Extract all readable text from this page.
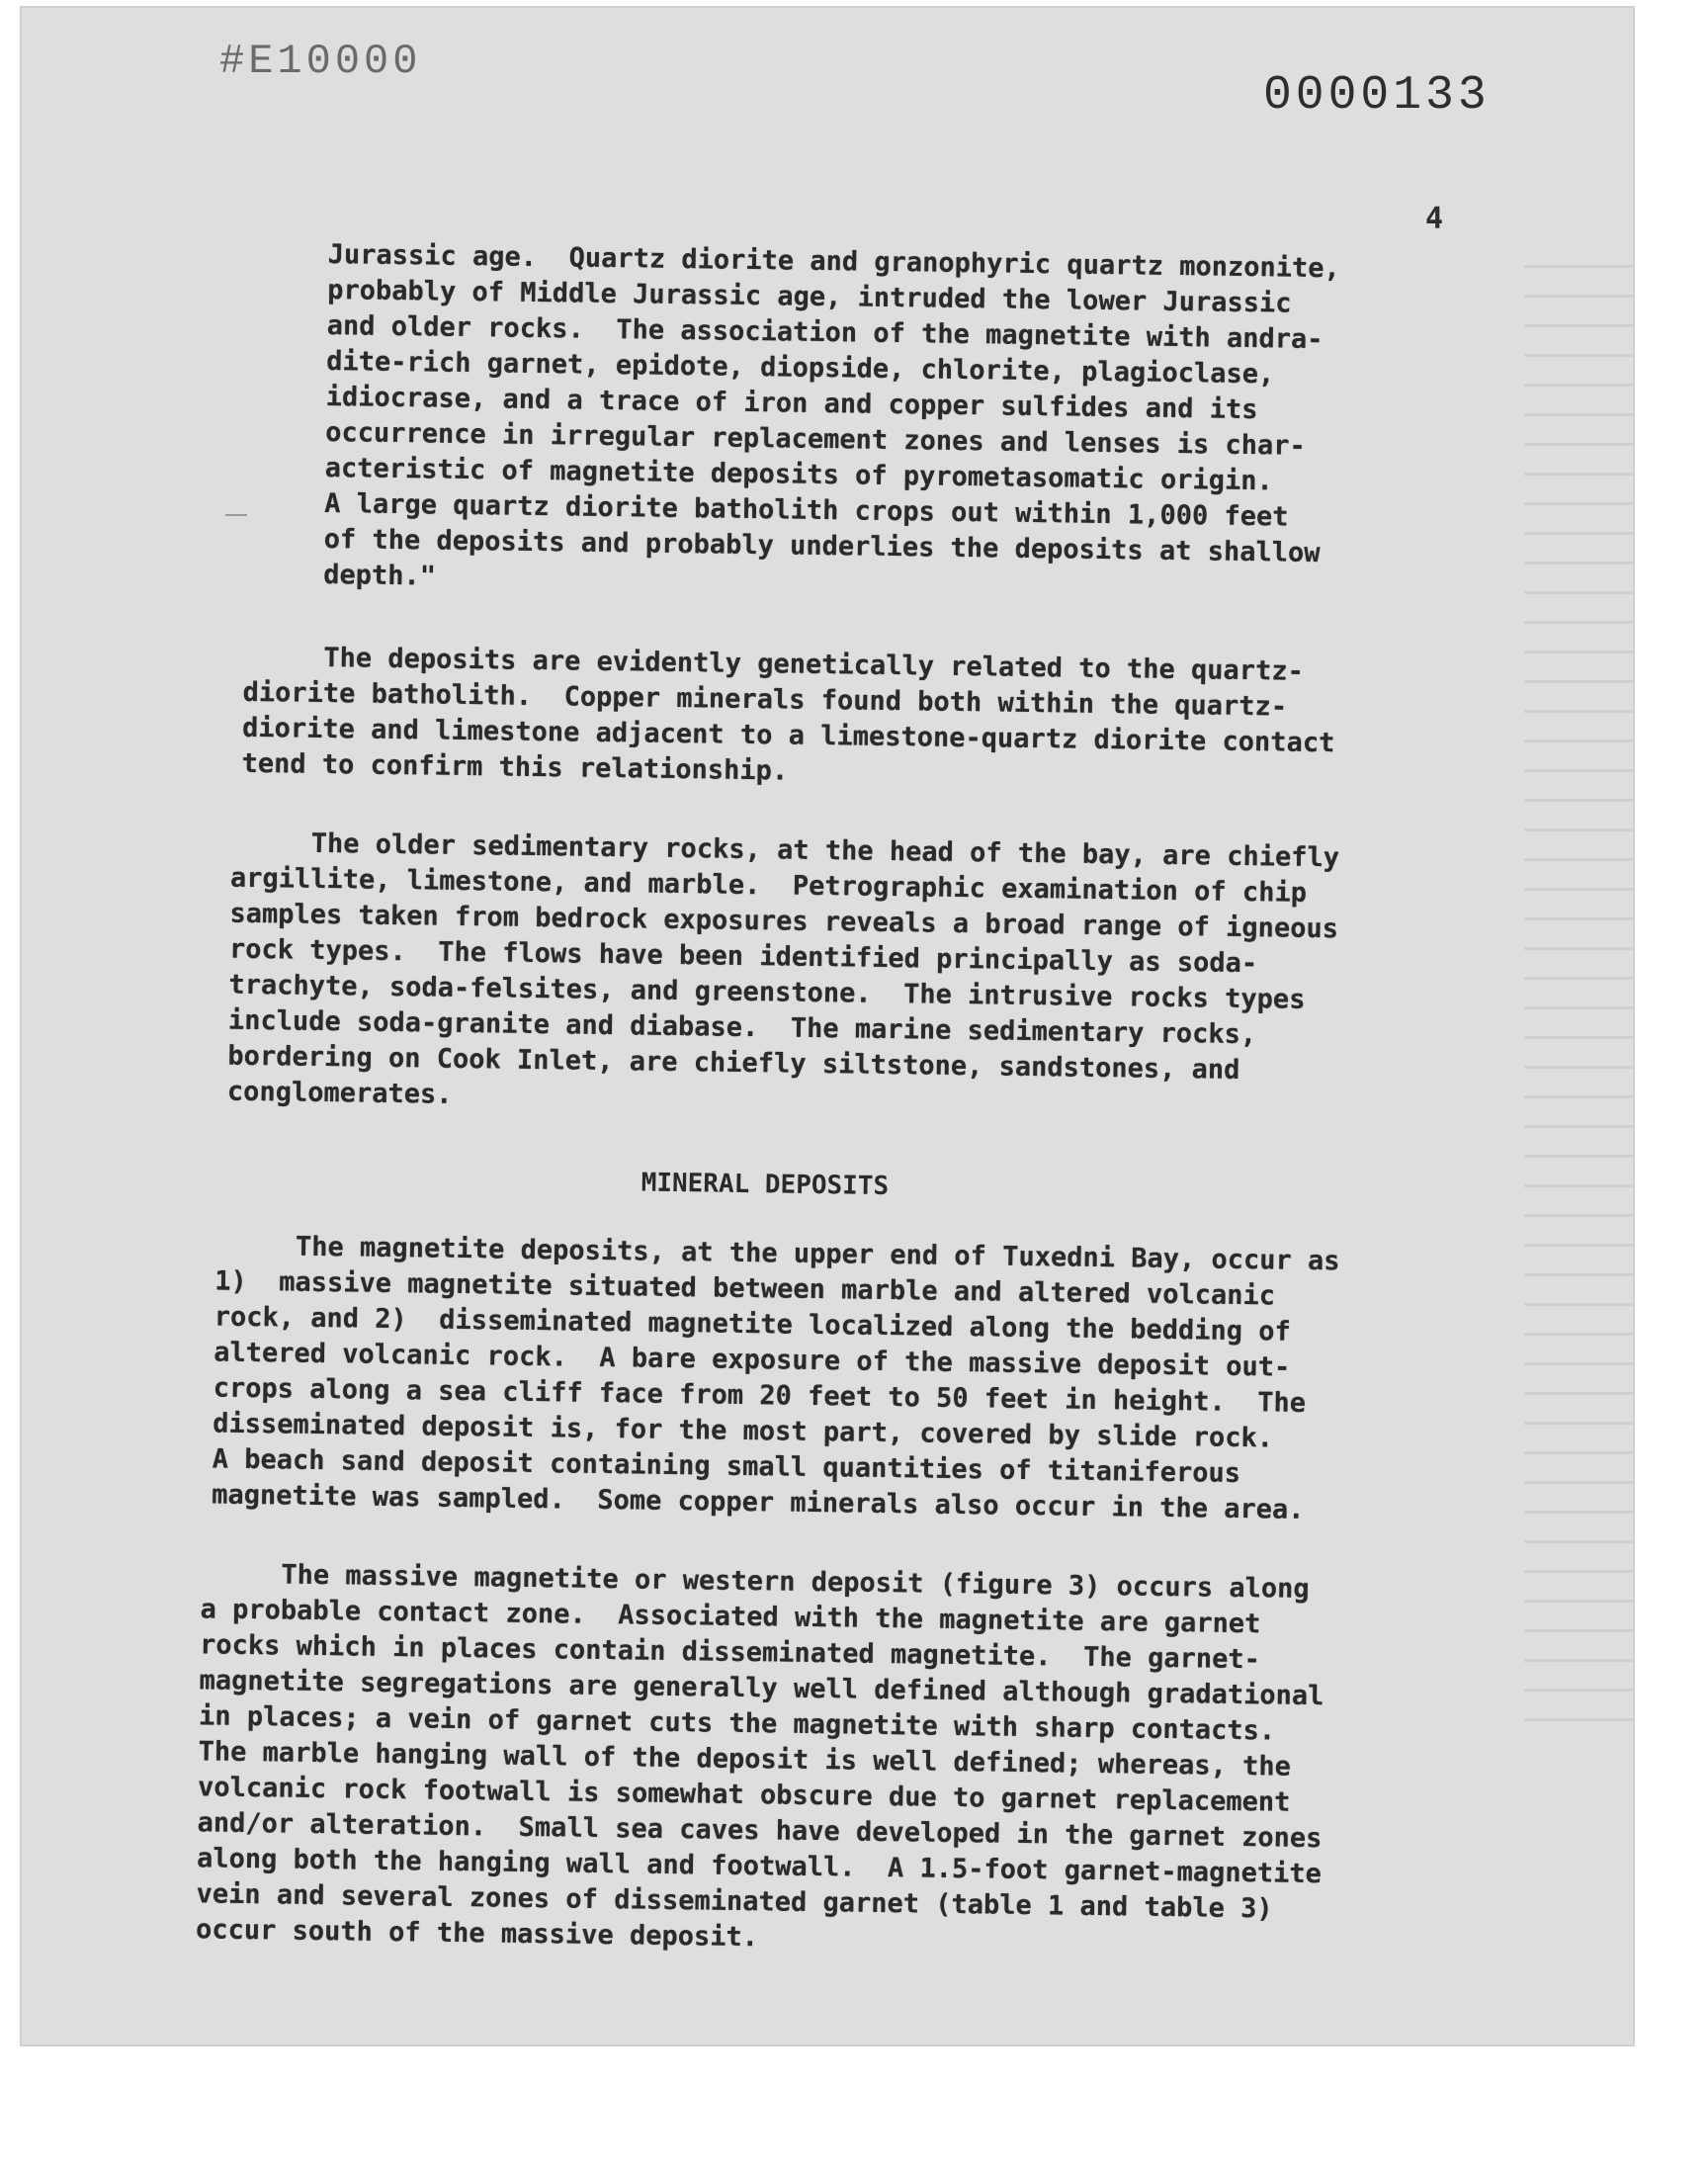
#E10000
0000133
4

Jurassic age.  Quartz diorite and granophyric quartz monzonite,
probably of Middle Jurassic age, intruded the lower Jurassic
and older rocks.  The association of the magnetite with andra-
dite-rich garnet, epidote, diopside, chlorite, plagioclase,
idiocrase, and a trace of iron and copper sulfides and its
occurrence in irregular replacement zones and lenses is char-
acteristic of magnetite deposits of pyrometasomatic origin.
A large quartz diorite batholith crops out within 1,000 feet
of the deposits and probably underlies the deposits at shallow
depth."

The deposits are evidently genetically related to the quartz-
diorite batholith.  Copper minerals found both within the quartz-
diorite and limestone adjacent to a limestone-quartz diorite contact
tend to confirm this relationship.

The older sedimentary rocks, at the head of the bay, are chiefly
argillite, limestone, and marble.  Petrographic examination of chip
samples taken from bedrock exposures reveals a broad range of igneous
rock types.  The flows have been identified principally as soda-
trachyte, soda-felsites, and greenstone.  The intrusive rocks types
include soda-granite and diabase.  The marine sedimentary rocks,
bordering on Cook Inlet, are chiefly siltstone, sandstones, and
conglomerates.

MINERAL DEPOSITS

The magnetite deposits, at the upper end of Tuxedni Bay, occur as
1)  massive magnetite situated between marble and altered volcanic
rock, and 2)  disseminated magnetite localized along the bedding of
altered volcanic rock.  A bare exposure of the massive deposit out-
crops along a sea cliff face from 20 feet to 50 feet in height.  The
disseminated deposit is, for the most part, covered by slide rock.
A beach sand deposit containing small quantities of titaniferous
magnetite was sampled.  Some copper minerals also occur in the area.

The massive magnetite or western deposit (figure 3) occurs along
a probable contact zone.  Associated with the magnetite are garnet
rocks which in places contain disseminated magnetite.  The garnet-
magnetite segregations are generally well defined although gradational
in places; a vein of garnet cuts the magnetite with sharp contacts.
The marble hanging wall of the deposit is well defined; whereas, the
volcanic rock footwall is somewhat obscure due to garnet replacement
and/or alteration.  Small sea caves have developed in the garnet zones
along both the hanging wall and footwall.  A 1.5-foot garnet-magnetite
vein and several zones of disseminated garnet (table 1 and table 3)
occur south of the massive deposit.
